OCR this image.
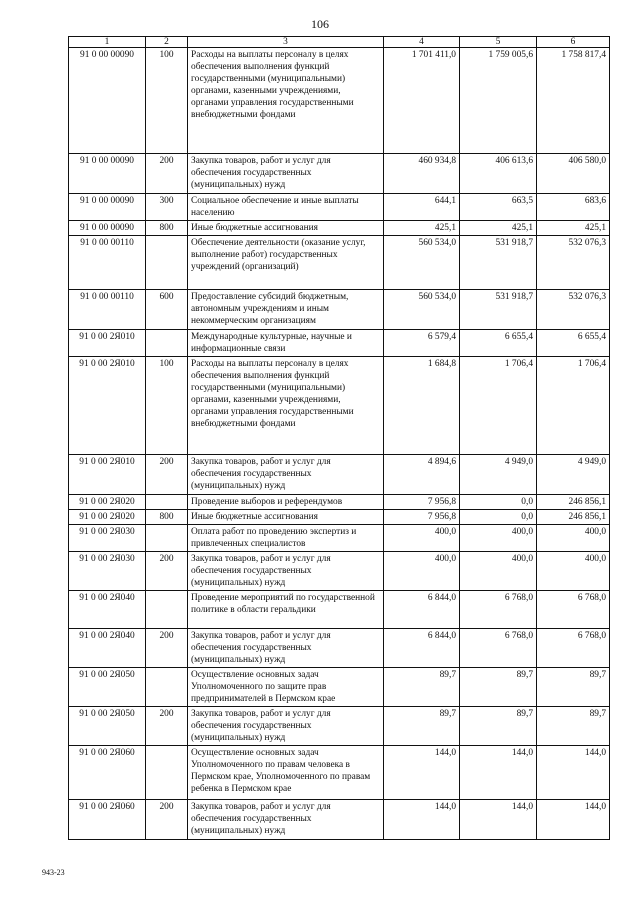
106
1	2	3	4	5	6
91 0 00 00090	100	Расходы на выплаты персоналу в целях обеспечения выполнения функций государственными (муниципальными) органами, казенными учреждениями, органами управления государственными внебюджетными фондами	1 701 411,0	1 759 005,6	1 758 817,4
91 0 00 00090	200	Закупка товаров, работ и услуг для обеспечения государственных (муниципальных) нужд	460 934,8	406 613,6	406 580,0
91 0 00 00090	300	Социальное обеспечение и иные выплаты населению	644,1	663,5	683,6
91 0 00 00090	800	Иные бюджетные ассигнования	425,1	425,1	425,1
91 0 00 00110		Обеспечение деятельности (оказание услуг, выполнение работ) государственных учреждений (организаций)	560 534,0	531 918,7	532 076,3
91 0 00 00110	600	Предоставление субсидий бюджетным, автономным учреждениям и иным некоммерческим организациям	560 534,0	531 918,7	532 076,3
91 0 00 2Я010		Международные культурные, научные и информационные связи	6 579,4	6 655,4	6 655,4
91 0 00 2Я010	100	Расходы на выплаты персоналу в целях обеспечения выполнения функций государственными (муниципальными) органами, казенными учреждениями, органами управления государственными внебюджетными фондами	1 684,8	1 706,4	1 706,4
91 0 00 2Я010	200	Закупка товаров, работ и услуг для обеспечения государственных (муниципальных) нужд	4 894,6	4 949,0	4 949,0
91 0 00 2Я020		Проведение выборов и референдумов	7 956,8	0,0	246 856,1
91 0 00 2Я020	800	Иные бюджетные ассигнования	7 956,8	0,0	246 856,1
91 0 00 2Я030		Оплата работ по проведению экспертиз и привлеченных специалистов	400,0	400,0	400,0
91 0 00 2Я030	200	Закупка товаров, работ и услуг для обеспечения государственных (муниципальных) нужд	400,0	400,0	400,0
91 0 00 2Я040		Проведение мероприятий по государственной политике в области геральдики	6 844,0	6 768,0	6 768,0
91 0 00 2Я040	200	Закупка товаров, работ и услуг для обеспечения государственных (муниципальных) нужд	6 844,0	6 768,0	6 768,0
91 0 00 2Я050		Осуществление основных задач Уполномоченного по защите прав предпринимателей в Пермском крае	89,7	89,7	89,7
91 0 00 2Я050	200	Закупка товаров, работ и услуг для обеспечения государственных (муниципальных) нужд	89,7	89,7	89,7
91 0 00 2Я060		Осуществление основных задач Уполномоченного по правам человека в Пермском крае, Уполномоченного по правам ребенка в Пермском крае	144,0	144,0	144,0
91 0 00 2Я060	200	Закупка товаров, работ и услуг для обеспечения государственных (муниципальных) нужд	144,0	144,0	144,0
943-23
